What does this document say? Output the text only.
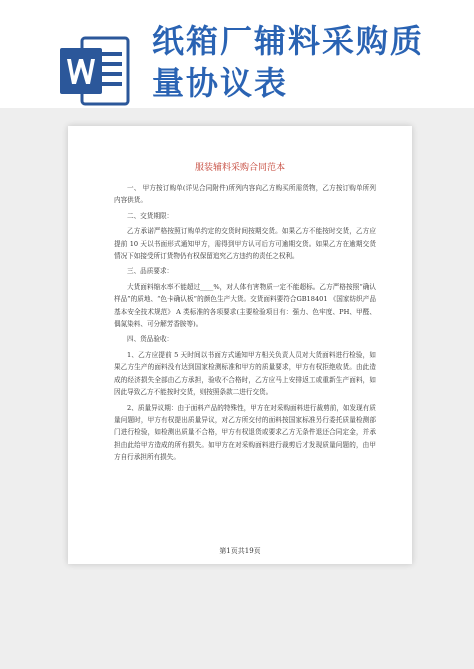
纸箱厂辅料采购质
量协议表
服装辅料采购合同范本

一、 甲方按订购单(详见合同附件)所列内容向乙方购买所需货物，乙方按订购单所列内容供货。

二、交货期限：

乙方承诺严格按照订购单约定的交货时间按期交货。如果乙方不能按时交货，乙方应提前 10 天以书面形式通知甲方，需得到甲方认可后方可逾期交货。如果乙方在逾期交货情况下如接受所订货物仍有权保留追究乙方违约的责任之权利。

三、品质要求：

大货面料缩水率不能超过____%，对人体有害物质一定不能超标。乙方严格按照“确认样品”的质地、“色卡确认板”的颜色生产大货。交货面料要符合GB18401 《国家纺织产品基本安全技术规范》 A 类标准的各项要求(主要检验项目有：强力、色牢度、PH、甲醛、偶氮染料、可分解芳香胺等)。

四、货品验收：

1、乙方应提前 5 天时间以书面方式通知甲方相关负责人员对大货面料进行检验，如果乙方生产的面料没有达到国家检测标准和甲方的质量要求，甲方有权拒绝收货。由此造成的经济损失全部由乙方承担，验收不合格时，乙方应马上安排返工或重新生产面料，如因此导致乙方不能按时交货，则按照条款二进行交货。

2、质量异议期：由于面料产品的特殊性，甲方在对采购面料进行裁剪前，如发现有质量问题时，甲方有权提出质量异议，对乙方所交付的面料按国家标准另行委托质量检测部门进行检验，如检测出质量不合格，甲方有权退货或要求乙方无条件退还合同定金，并承担由此给甲方造成的所有损失。如甲方在对采购面料进行裁剪后才发现质量问题的，由甲方自行承担所有损失。

第1页共19页
